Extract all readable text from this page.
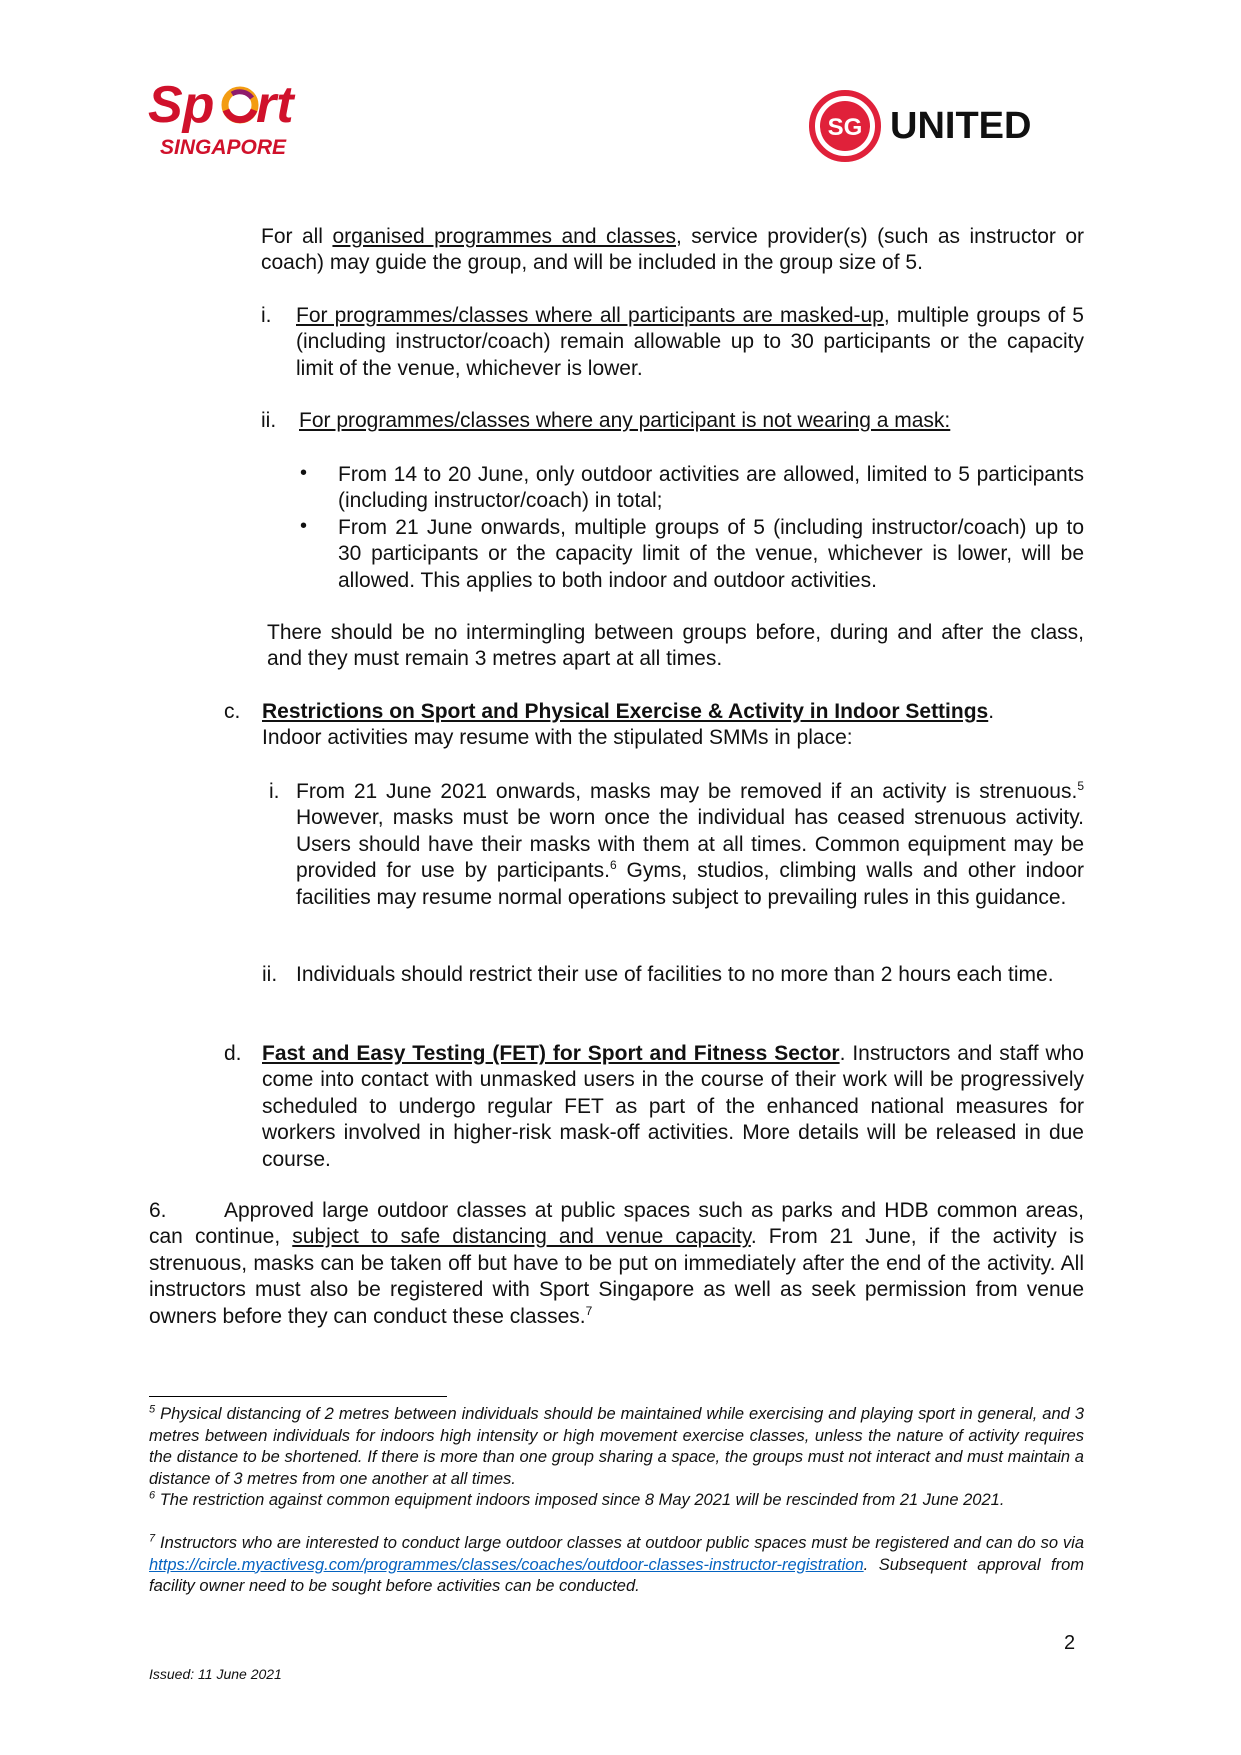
Sp rt
SINGAPORE
SG UNITED

For all organised programmes and classes, service provider(s) (such as instructor or coach) may guide the group, and will be included in the group size of 5.

i. For programmes/classes where all participants are masked-up, multiple groups of 5 (including instructor/coach) remain allowable up to 30 participants or the capacity limit of the venue, whichever is lower.

ii. For programmes/classes where any participant is not wearing a mask:

• From 14 to 20 June, only outdoor activities are allowed, limited to 5 participants (including instructor/coach) in total;

• From 21 June onwards, multiple groups of 5 (including instructor/coach) up to 30 participants or the capacity limit of the venue, whichever is lower, will be allowed. This applies to both indoor and outdoor activities.

There should be no intermingling between groups before, during and after the class, and they must remain 3 metres apart at all times.

c. Restrictions on Sport and Physical Exercise & Activity in Indoor Settings.
Indoor activities may resume with the stipulated SMMs in place:

i. From 21 June 2021 onwards, masks may be removed if an activity is strenuous.$^5$ However, masks must be worn once the individual has ceased strenuous activity. Users should have their masks with them at all times. Common equipment may be provided for use by participants.$^6$ Gyms, studios, climbing walls and other indoor facilities may resume normal operations subject to prevailing rules in this guidance.

ii. Individuals should restrict their use of facilities to no more than 2 hours each time.

d. Fast and Easy Testing (FET) for Sport and Fitness Sector. Instructors and staff who come into contact with unmasked users in the course of their work will be progressively scheduled to undergo regular FET as part of the enhanced national measures for workers involved in higher-risk mask-off activities. More details will be released in due course.

6.	Approved large outdoor classes at public spaces such as parks and HDB common areas, can continue, subject to safe distancing and venue capacity. From 21 June, if the activity is strenuous, masks can be taken off but have to be put on immediately after the end of the activity. All instructors must also be registered with Sport Singapore as well as seek permission from venue owners before they can conduct these classes.$^7$

$^5$ Physical distancing of 2 metres between individuals should be maintained while exercising and playing sport in general, and 3 metres between individuals for indoors high intensity or high movement exercise classes, unless the nature of activity requires the distance to be shortened. If there is more than one group sharing a space, the groups must not interact and must maintain a distance of 3 metres from one another at all times.

$^6$ The restriction against common equipment indoors imposed since 8 May 2021 will be rescinded from 21 June 2021.

$^7$ Instructors who are interested to conduct large outdoor classes at outdoor public spaces must be registered and can do so via https://circle.myactivesg.com/programmes/classes/coaches/outdoor-classes-instructor-registration. Subsequent approval from facility owner need to be sought before activities can be conducted.

2
Issued: 11 June 2021
